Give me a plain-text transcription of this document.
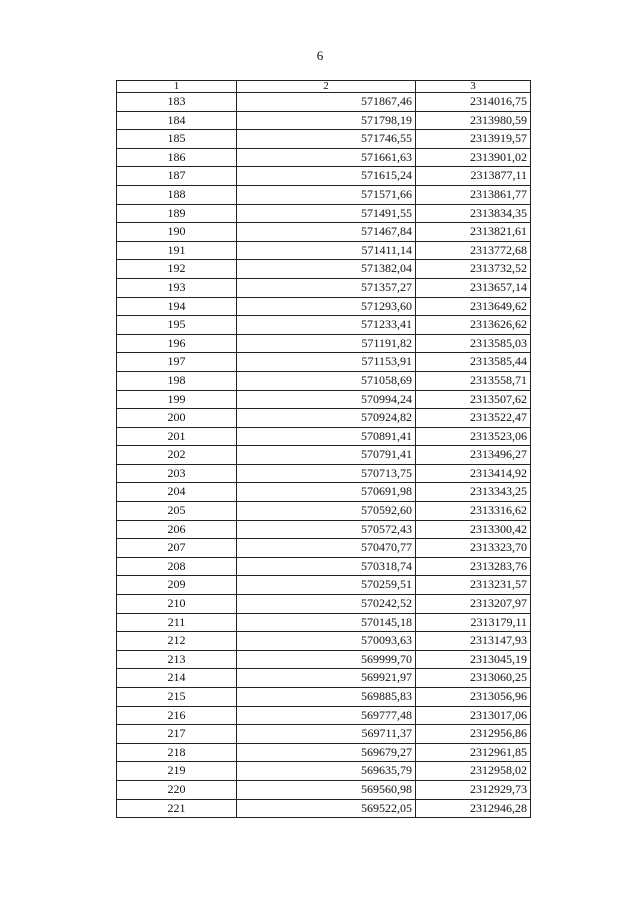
6
1	2	3
183	571867,46	2314016,75
184	571798,19	2313980,59
185	571746,55	2313919,57
186	571661,63	2313901,02
187	571615,24	2313877,11
188	571571,66	2313861,77
189	571491,55	2313834,35
190	571467,84	2313821,61
191	571411,14	2313772,68
192	571382,04	2313732,52
193	571357,27	2313657,14
194	571293,60	2313649,62
195	571233,41	2313626,62
196	571191,82	2313585,03
197	571153,91	2313585,44
198	571058,69	2313558,71
199	570994,24	2313507,62
200	570924,82	2313522,47
201	570891,41	2313523,06
202	570791,41	2313496,27
203	570713,75	2313414,92
204	570691,98	2313343,25
205	570592,60	2313316,62
206	570572,43	2313300,42
207	570470,77	2313323,70
208	570318,74	2313283,76
209	570259,51	2313231,57
210	570242,52	2313207,97
211	570145,18	2313179,11
212	570093,63	2313147,93
213	569999,70	2313045,19
214	569921,97	2313060,25
215	569885,83	2313056,96
216	569777,48	2313017,06
217	569711,37	2312956,86
218	569679,27	2312961,85
219	569635,79	2312958,02
220	569560,98	2312929,73
221	569522,05	2312946,28
